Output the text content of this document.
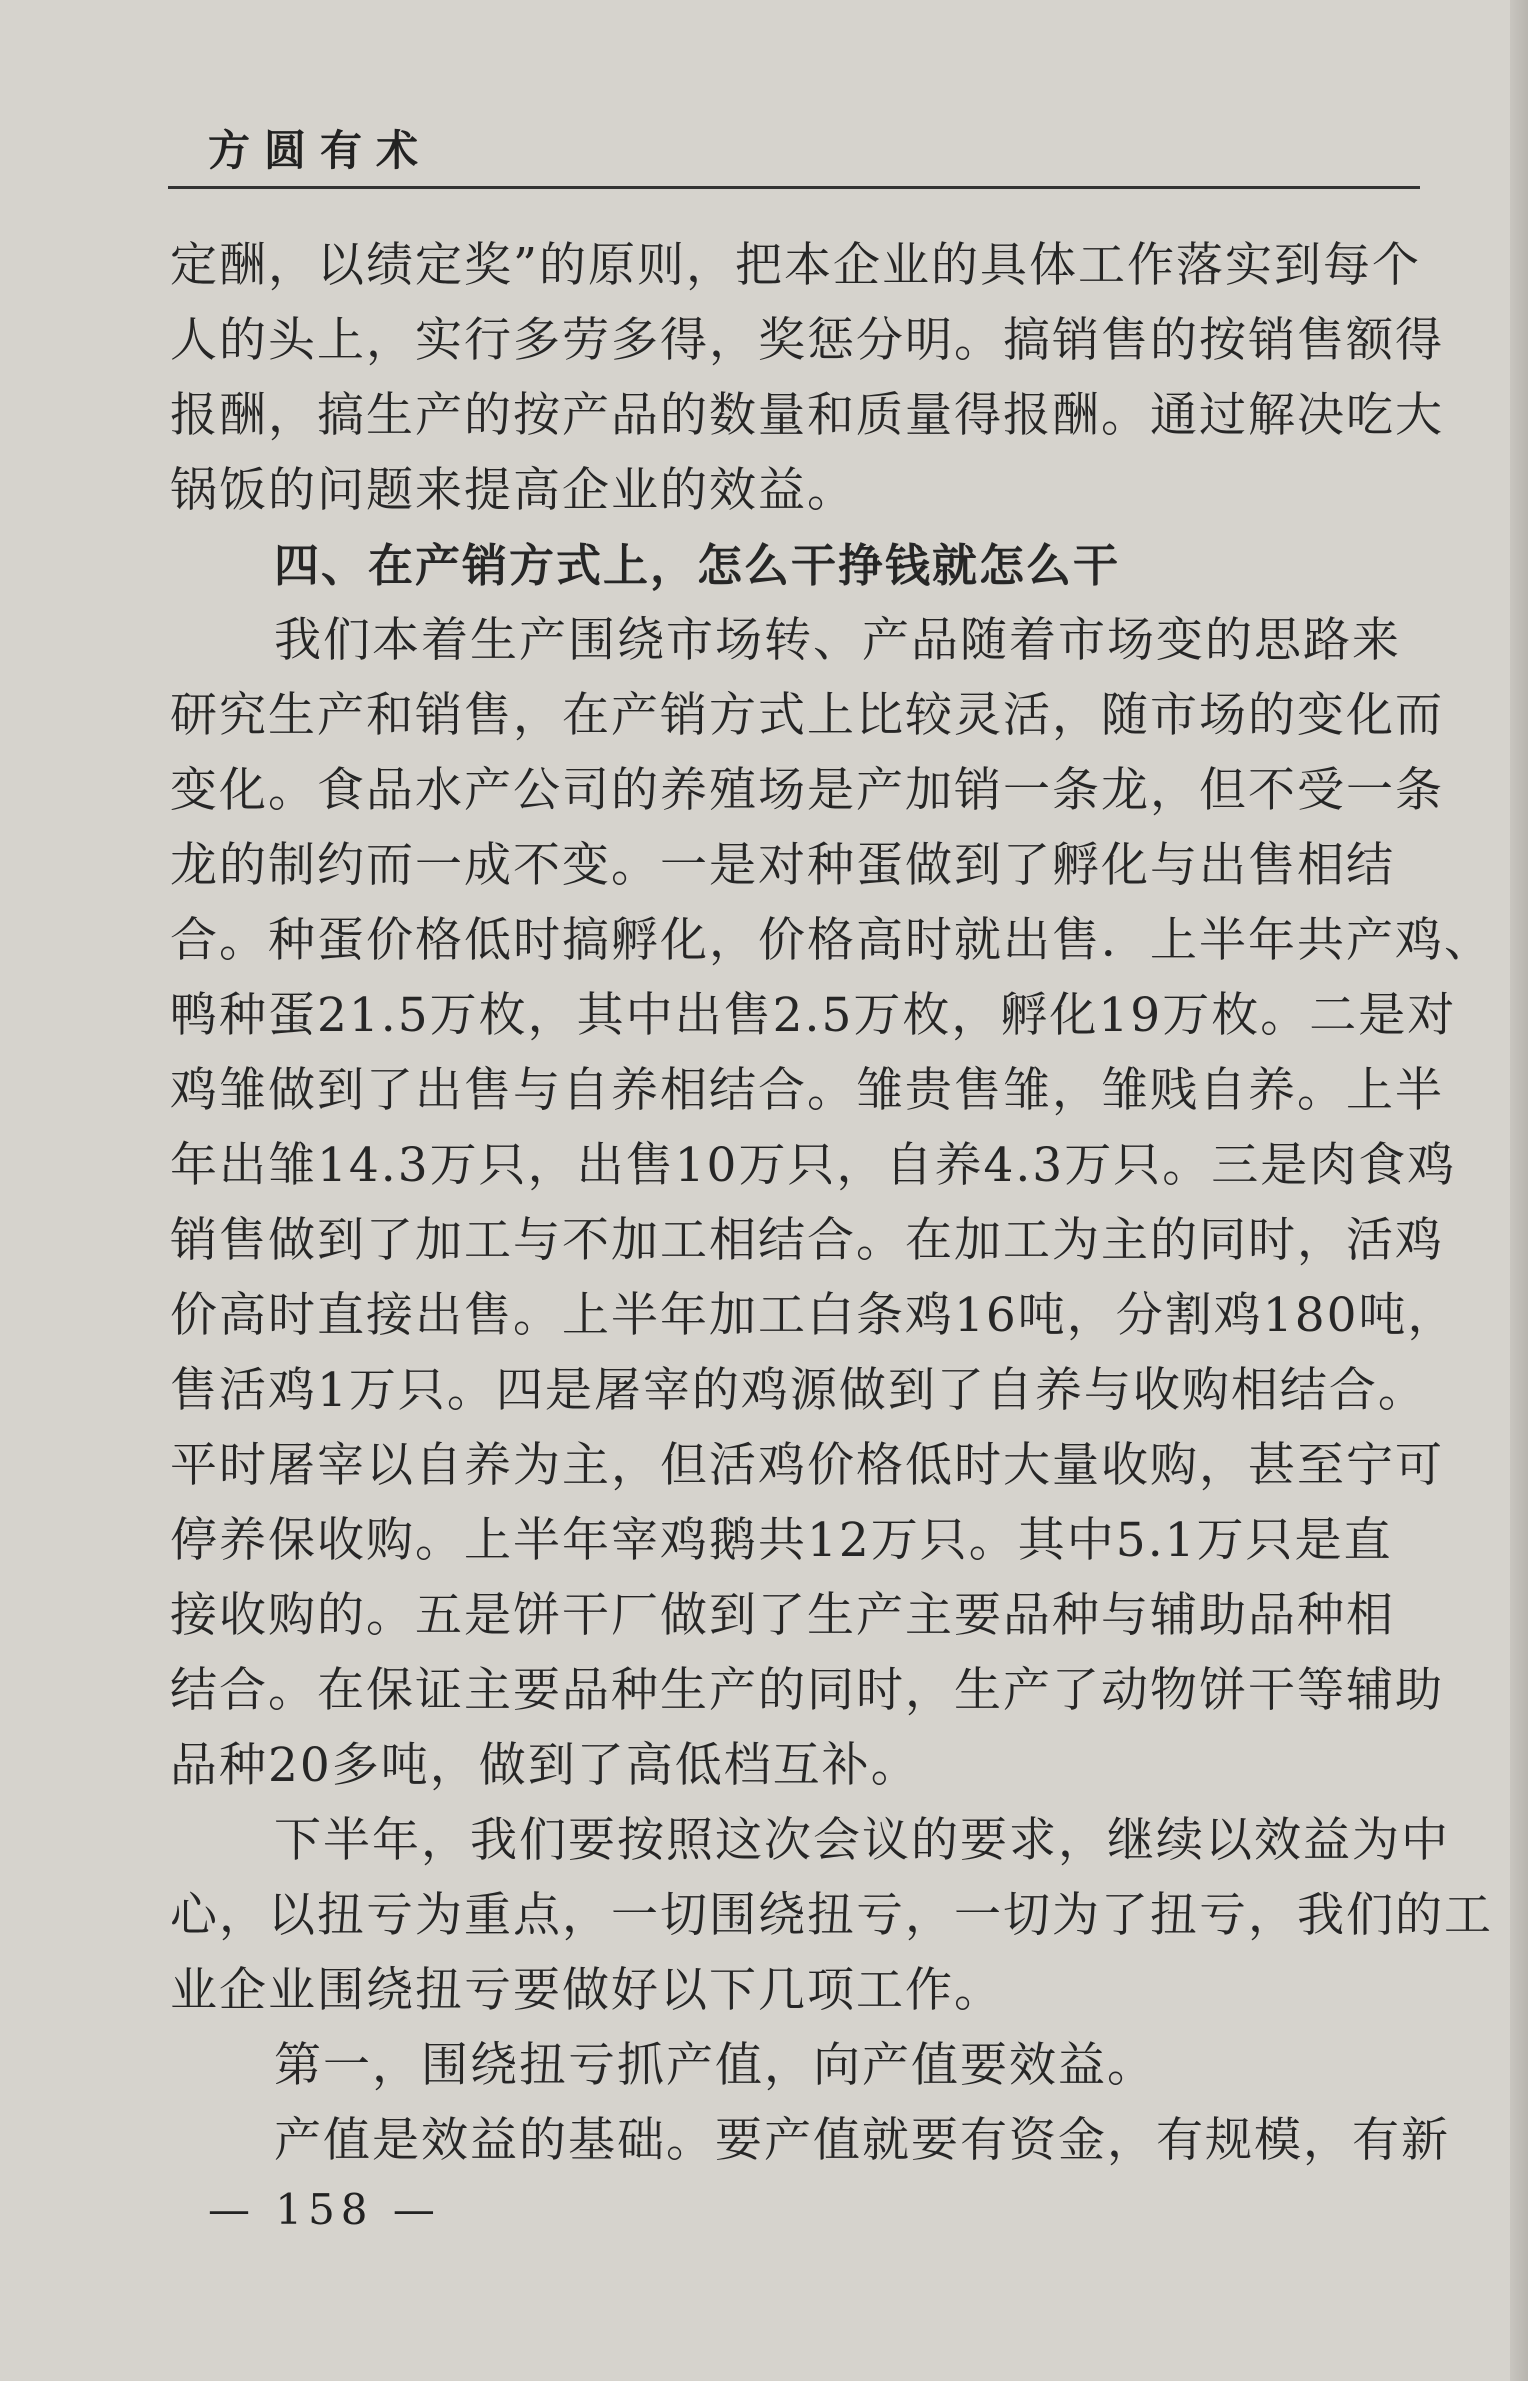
方圆有术
定酬，以绩定奖”的原则，把本企业的具体工作落实到每个
人的头上，实行多劳多得，奖惩分明。搞销售的按销售额得
报酬，搞生产的按产品的数量和质量得报酬。通过解决吃大
锅饭的问题来提高企业的效益。
四、在产销方式上，怎么干挣钱就怎么干
我们本着生产围绕市场转、产品随着市场变的思路来
研究生产和销售，在产销方式上比较灵活，随市场的变化而
变化。食品水产公司的养殖场是产加销一条龙，但不受一条
龙的制约而一成不变。一是对种蛋做到了孵化与出售相结
合。种蛋价格低时搞孵化，价格高时就出售．上半年共产鸡、
鸭种蛋21.5万枚，其中出售2.5万枚，孵化19万枚。二是对
鸡雏做到了出售与自养相结合。雏贵售雏，雏贱自养。上半
年出雏14.3万只，出售10万只，自养4.3万只。三是肉食鸡
销售做到了加工与不加工相结合。在加工为主的同时，活鸡
价高时直接出售。上半年加工白条鸡16吨，分割鸡180吨，
售活鸡1万只。四是屠宰的鸡源做到了自养与收购相结合。
平时屠宰以自养为主，但活鸡价格低时大量收购，甚至宁可
停养保收购。上半年宰鸡鹅共12万只。其中5.1万只是直
接收购的。五是饼干厂做到了生产主要品种与辅助品种相
结合。在保证主要品种生产的同时，生产了动物饼干等辅助
品种20多吨，做到了高低档互补。
下半年，我们要按照这次会议的要求，继续以效益为中
心，以扭亏为重点，一切围绕扭亏，一切为了扭亏，我们的工
业企业围绕扭亏要做好以下几项工作。
第一，围绕扭亏抓产值，向产值要效益。
产值是效益的基础。要产值就要有资金，有规模，有新
— 158 —
